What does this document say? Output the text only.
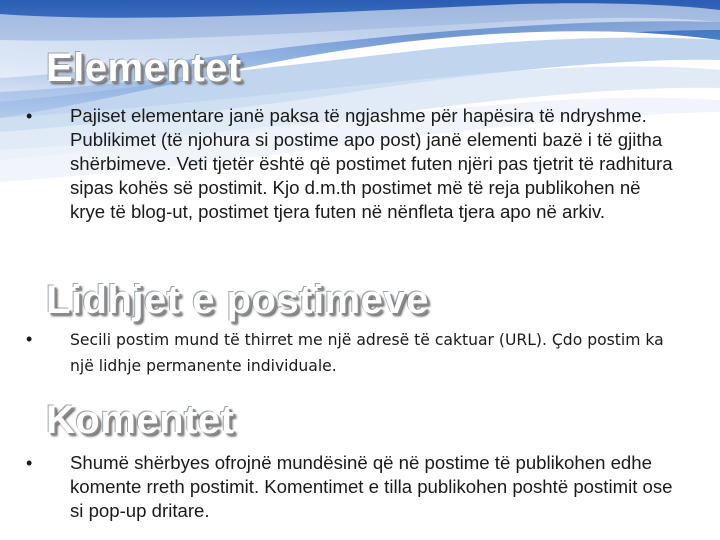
Elementet
•	Pajiset elementare janë paksa të ngjashme për hapësira të ndryshme. Publikimet (të njohura si postime apo post) janë elementi bazë i të gjitha shërbimeve. Veti tjetër është që postimet futen njëri pas tjetrit të radhitura sipas kohës së postimit. Kjo d.m.th postimet më të reja publikohen në krye të blog-ut, postimet tjera futen në nënfleta tjera apo në arkiv.

Lidhjet e postimeve
•	Secili postim mund të thirret me një adresë të caktuar (URL). Çdo postim ka një lidhje permanente individuale.

Komentet
•	Shumë shërbyes ofrojnë mundësinë që në postime të publikohen edhe komente rreth postimit. Komentimet e tilla publikohen poshtë postimit ose si pop-up dritare.
